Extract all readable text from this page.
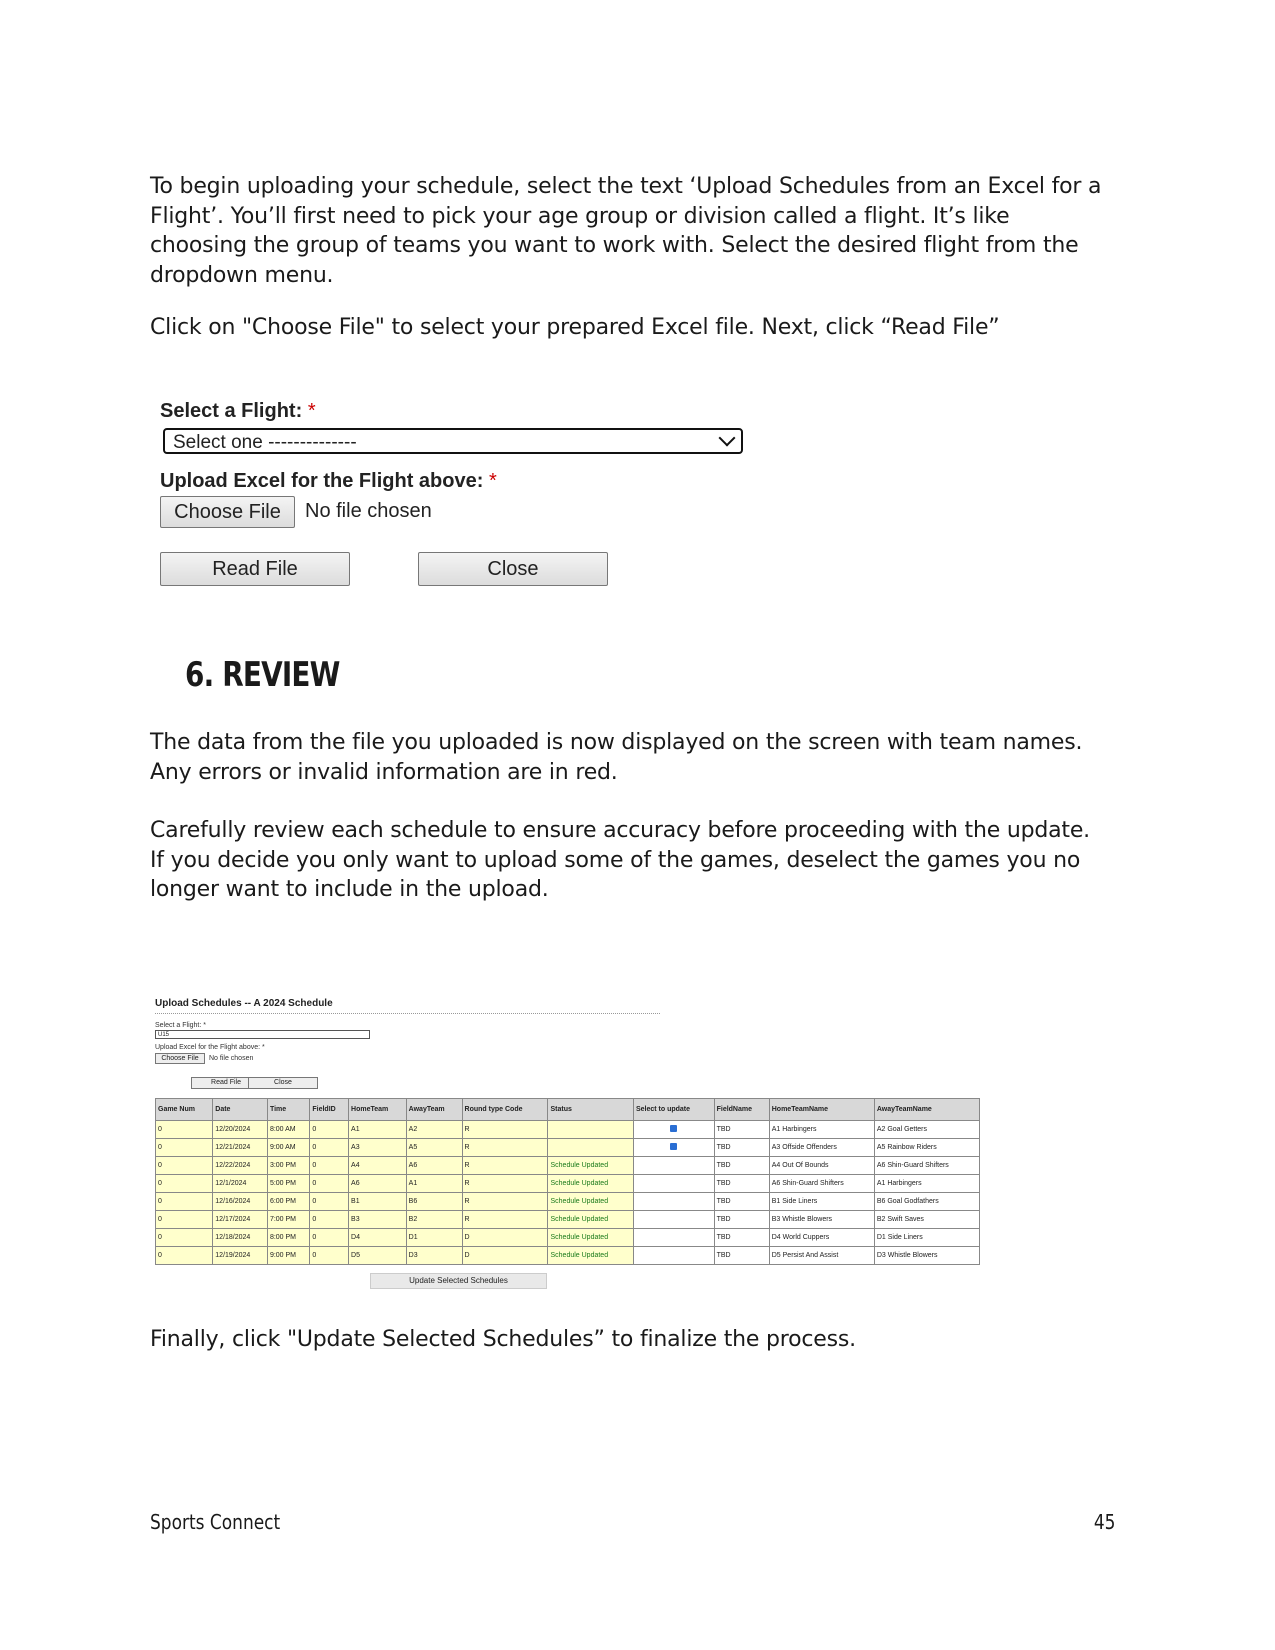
To begin uploading your schedule, select the text ‘Upload Schedules from an Excel for a Flight’. You’ll first need to pick your age group or division called a flight. It’s like choosing the group of teams you want to work with. Select the desired flight from the dropdown menu.

Click on "Choose File" to select your prepared Excel file. Next, click “Read File”

Select a Flight: *
Select one --------------
Upload Excel for the Flight above: *
Choose File	No file chosen
Read File	Close
6. REVIEW

The data from the file you uploaded is now displayed on the screen with team names. Any errors or invalid information are in red.

Carefully review each schedule to ensure accuracy before proceeding with the update. If you decide you only want to upload some of the games, deselect the games you no longer want to include in the upload.

Upload Schedules -- A 2024 Schedule
Select a Flight: *
U15
Upload Excel for the Flight above: *
Choose File	No file chosen
Read File	Close
Game Num	Date	Time	FieldID	HomeTeam	AwayTeam	Round type Code	Status	Select to update	FieldName	HomeTeamName	AwayTeamName
0	12/20/2024	8:00 AM	0	A1	A2	R			TBD	A1 Harbingers	A2 Goal Getters
0	12/21/2024	9:00 AM	0	A3	A5	R			TBD	A3 Offside Offenders	A5 Rainbow Riders
0	12/22/2024	3:00 PM	0	A4	A6	R	Schedule Updated		TBD	A4 Out Of Bounds	A6 Shin-Guard Shifters
0	12/1/2024	5:00 PM	0	A6	A1	R	Schedule Updated		TBD	A6 Shin-Guard Shifters	A1 Harbingers
0	12/16/2024	6:00 PM	0	B1	B6	R	Schedule Updated		TBD	B1 Side Liners	B6 Goal Godfathers
0	12/17/2024	7:00 PM	0	B3	B2	R	Schedule Updated		TBD	B3 Whistle Blowers	B2 Swift Saves
0	12/18/2024	8:00 PM	0	D4	D1	D	Schedule Updated		TBD	D4 World Cuppers	D1 Side Liners
0	12/19/2024	9:00 PM	0	D5	D3	D	Schedule Updated		TBD	D5 Persist And Assist	D3 Whistle Blowers
Update Selected Schedules

Finally, click "Update Selected Schedules” to finalize the process.

Sports Connect	45
